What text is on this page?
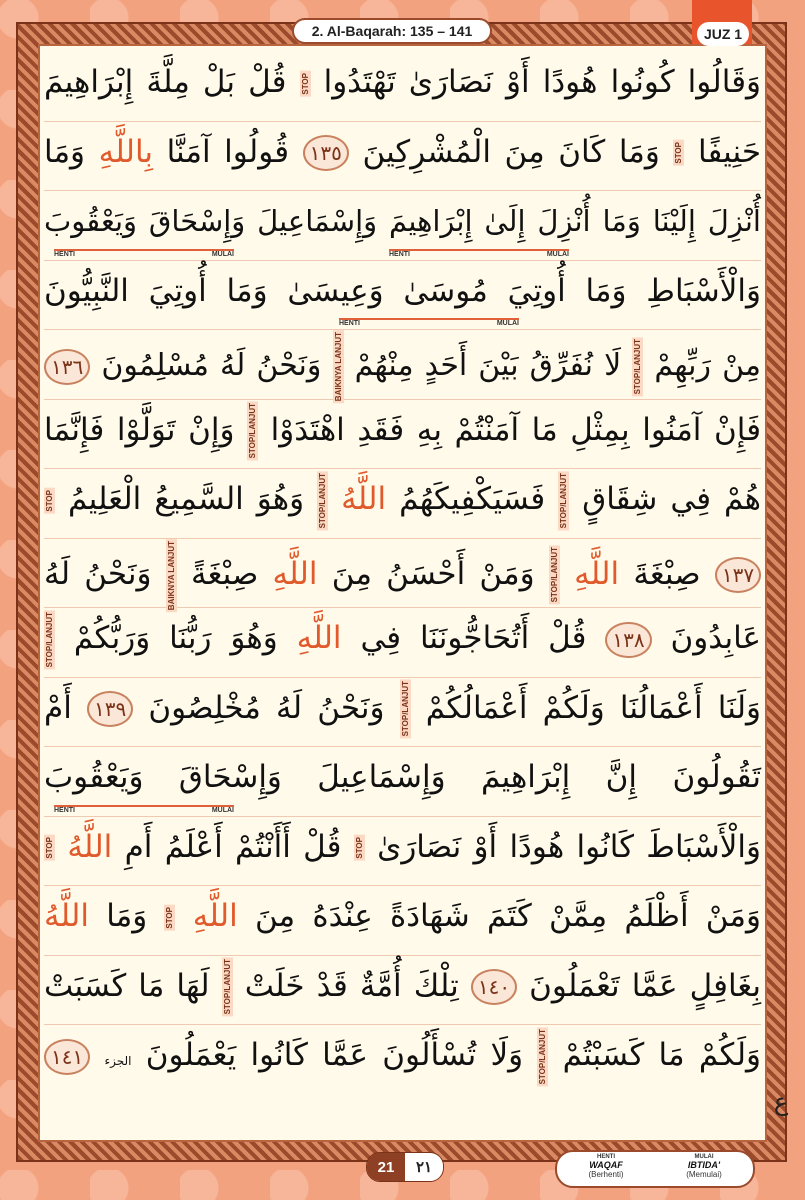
2. Al-Baqarah: 135 – 141	JUZ 1
وَقَالُوا كُونُوا هُودًا أَوْ نَصَارَىٰ تَهْتَدُوا STOP قُلْ بَلْ مِلَّةَ إِبْرَاهِيمَ
حَنِيفًا STOP وَمَا كَانَ مِنَ الْمُشْرِكِينَ ١٣٥ قُولُوا آمَنَّا بِاللَّهِ وَمَا
أُنْزِلَ إِلَيْنَا وَمَا أُنْزِلَ إِلَىٰ إِبْرَاهِيمَ وَإِسْمَاعِيلَ وَإِسْحَاقَ وَيَعْقُوبَ
HENTI	MULAI
HENTI	MULAI
وَالْأَسْبَاطِ وَمَا أُوتِيَ مُوسَىٰ وَعِيسَىٰ وَمَا أُوتِيَ النَّبِيُّونَ
HENTI	MULAI
مِنْ رَبِّهِمْ STOP/LANJUT لَا نُفَرِّقُ بَيْنَ أَحَدٍ مِنْهُمْ BAIKNYA LANJUT وَنَحْنُ لَهُ مُسْلِمُونَ ١٣٦
فَإِنْ آمَنُوا بِمِثْلِ مَا آمَنْتُمْ بِهِ فَقَدِ اهْتَدَوْا STOP/LANJUT وَإِنْ تَوَلَّوْا فَإِنَّمَا
هُمْ فِي شِقَاقٍ STOP/LANJUT فَسَيَكْفِيكَهُمُ اللَّهُ STOP/LANJUT وَهُوَ السَّمِيعُ الْعَلِيمُ STOP
١٣٧ صِبْغَةَ اللَّهِ STOP/LANJUT وَمَنْ أَحْسَنُ مِنَ اللَّهِ صِبْغَةً BAIKNYA LANJUT وَنَحْنُ لَهُ
عَابِدُونَ ١٣٨ قُلْ أَتُحَاجُّونَنَا فِي اللَّهِ وَهُوَ رَبُّنَا وَرَبُّكُمْ STOP/LANJUT
وَلَنَا أَعْمَالُنَا وَلَكُمْ أَعْمَالُكُمْ STOP/LANJUT وَنَحْنُ لَهُ مُخْلِصُونَ ١٣٩ أَمْ
تَقُولُونَ إِنَّ إِبْرَاهِيمَ وَإِسْمَاعِيلَ وَإِسْحَاقَ وَيَعْقُوبَ
HENTI	MULAI
وَالْأَسْبَاطَ كَانُوا هُودًا أَوْ نَصَارَىٰ STOP قُلْ أَأَنْتُمْ أَعْلَمُ أَمِ اللَّهُ STOP
وَمَنْ أَظْلَمُ مِمَّنْ كَتَمَ شَهَادَةً عِنْدَهُ مِنَ اللَّهِ STOP وَمَا اللَّهُ
بِغَافِلٍ عَمَّا تَعْمَلُونَ ١٤٠ تِلْكَ أُمَّةٌ قَدْ خَلَتْ STOP/LANJUT لَهَا مَا كَسَبَتْ
وَلَكُمْ مَا كَسَبْتُمْ STOP/LANJUT وَلَا تُسْأَلُونَ عَمَّا كَانُوا يَعْمَلُونَ الجزء ١٤١
ع
21	٢١
HENTI
WAQAF
(Berhenti)
MULAI
IBTIDA'
(Memulai)
